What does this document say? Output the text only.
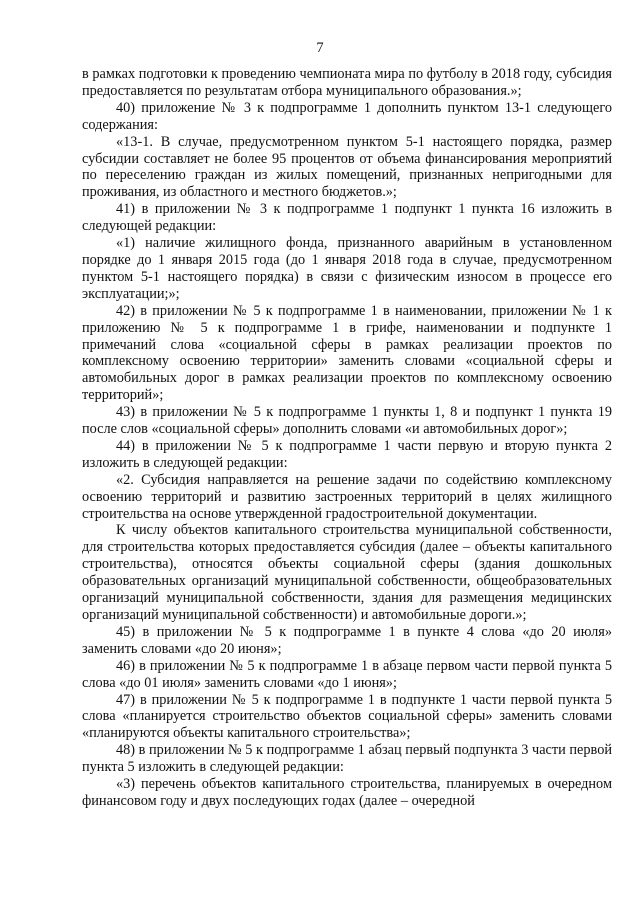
7

в рамках подготовки к проведению чемпионата мира по футболу в 2018 году, субсидия предоставляется по результатам отбора муниципального образования.»;

40) приложение № 3 к подпрограмме 1 дополнить пунктом 13-1 следующего содержания:

«13-1. В случае, предусмотренном пунктом 5-1 настоящего порядка, размер субсидии составляет не более 95 процентов от объема финансирования мероприятий по переселению граждан из жилых помещений, признанных непригодными для проживания, из областного и местного бюджетов.»;

41) в приложении № 3 к подпрограмме 1 подпункт 1 пункта 16 изложить в следующей редакции:

«1) наличие жилищного фонда, признанного аварийным в установленном порядке до 1 января 2015 года (до 1 января 2018 года в случае, предусмотренном пунктом 5-1 настоящего порядка) в связи с физическим износом в процессе его эксплуатации;»;

42) в приложении № 5 к подпрограмме 1 в наименовании, приложении № 1 к приложению № 5 к подпрограмме 1 в грифе, наименовании и подпункте 1 примечаний слова «социальной сферы в рамках реализации проектов по комплексному освоению территории» заменить словами «социальной сферы и автомобильных дорог в рамках реализации проектов по комплексному освоению территорий»;

43) в приложении № 5 к подпрограмме 1 пункты 1, 8 и подпункт 1 пункта 19 после слов «социальной сферы» дополнить словами «и автомобильных дорог»;

44) в приложении № 5 к подпрограмме 1 части первую и вторую пункта 2 изложить в следующей редакции:

«2. Субсидия направляется на решение задачи по содействию комплексному освоению территорий и развитию застроенных территорий в целях жилищного строительства на основе утвержденной градостроительной документации.

К числу объектов капитального строительства муниципальной собственности, для строительства которых предоставляется субсидия (далее – объекты капитального строительства), относятся объекты социальной сферы (здания дошкольных образовательных организаций муниципальной собственности, общеобразовательных организаций муниципальной собственности, здания для размещения медицинских организаций муниципальной собственности) и автомобильные дороги.»;

45) в приложении № 5 к подпрограмме 1 в пункте 4 слова «до 20 июля» заменить словами «до 20 июня»;

46) в приложении № 5 к подпрограмме 1 в абзаце первом части первой пункта 5 слова «до 01 июля» заменить словами «до 1 июня»;

47) в приложении № 5 к подпрограмме 1 в подпункте 1 части первой пункта 5 слова «планируется строительство объектов социальной сферы» заменить словами «планируются объекты капитального строительства»;

48) в приложении № 5 к подпрограмме 1 абзац первый подпункта 3 части первой пункта 5 изложить в следующей редакции:

«3) перечень объектов капитального строительства, планируемых в очередном финансовом году и двух последующих годах (далее – очередной
